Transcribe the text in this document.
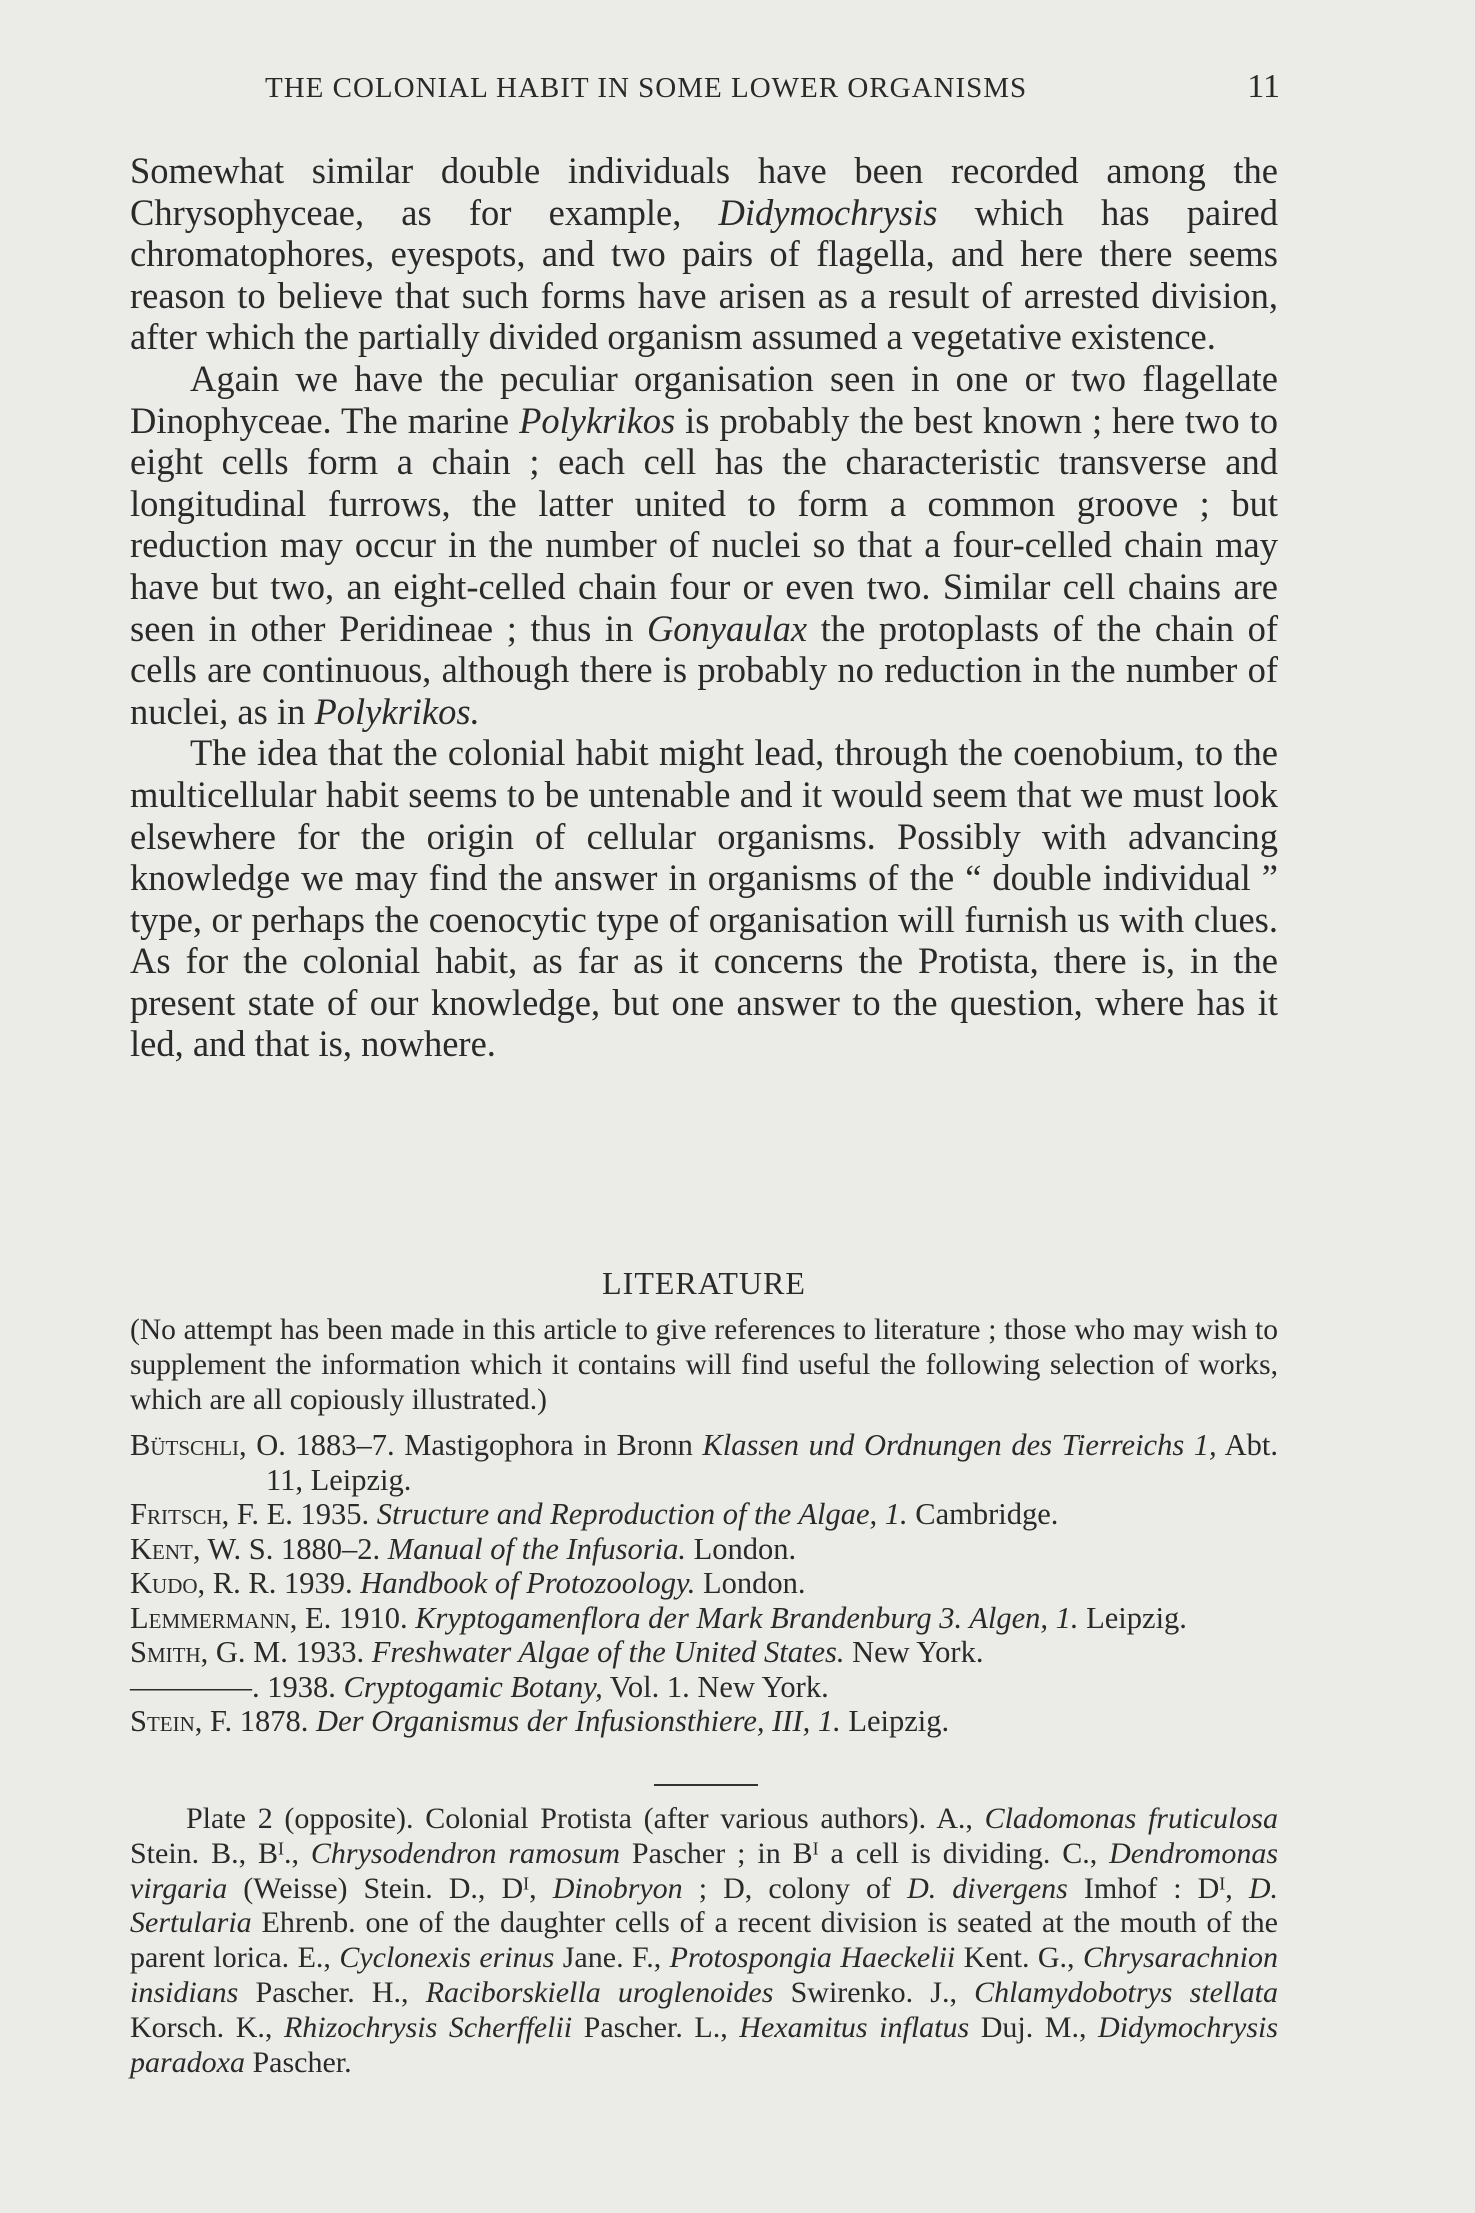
THE COLONIAL HABIT IN SOME LOWER ORGANISMS	11

Somewhat similar double individuals have been recorded among the Chrysophyceae, as for example, Didymochrysis which has paired chromatophores, eyespots, and two pairs of flagella, and here there seems reason to believe that such forms have arisen as a result of arrested division, after which the partially divided organism assumed a vegetative existence.

Again we have the peculiar organisation seen in one or two flagellate Dinophyceae. The marine Polykrikos is probably the best known ; here two to eight cells form a chain ; each cell has the characteristic transverse and longitudinal furrows, the latter united to form a common groove ; but reduction may occur in the number of nuclei so that a four-celled chain may have but two, an eight-celled chain four or even two. Similar cell chains are seen in other Peridineae ; thus in Gonyaulax the protoplasts of the chain of cells are continuous, although there is probably no reduction in the number of nuclei, as in Polykrikos.

The idea that the colonial habit might lead, through the coenobium, to the multicellular habit seems to be untenable and it would seem that we must look elsewhere for the origin of cellular organisms. Possibly with advancing knowledge we may find the answer in organisms of the “ double individual ” type, or perhaps the coenocytic type of organisation will furnish us with clues. As for the colonial habit, as far as it concerns the Protista, there is, in the present state of our knowledge, but one answer to the question, where has it led, and that is, nowhere.

LITERATURE
(No attempt has been made in this article to give references to literature ; those who may wish to supplement the information which it contains will find useful the following selection of works, which are all copiously illustrated.)
Bütschli, O. 1883–7. Mastigophora in Bronn Klassen und Ordnungen des Tierreichs 1, Abt. 11, Leipzig.
Fritsch, F. E. 1935. Structure and Reproduction of the Algae, 1. Cambridge.
Kent, W. S. 1880–2. Manual of the Infusoria. London.
Kudo, R. R. 1939. Handbook of Protozoology. London.
Lemmermann, E. 1910. Kryptogamenflora der Mark Brandenburg 3. Algen, 1. Leipzig.
Smith, G. M. 1933. Freshwater Algae of the United States. New York.
————. 1938. Cryptogamic Botany, Vol. 1. New York.
Stein, F. 1878. Der Organismus der Infusionsthiere, III, 1. Leipzig.
Plate 2 (opposite). Colonial Protista (after various authors). A., Cladomonas fruticulosa Stein. B., Bᴵ., Chrysodendron ramosum Pascher ; in Bᴵ a cell is dividing. C., Dendromonas virgaria (Weisse) Stein. D., Dᴵ, Dinobryon ; D, colony of D. divergens Imhof : Dᴵ, D. Sertularia Ehrenb. one of the daughter cells of a recent division is seated at the mouth of the parent lorica. E., Cyclonexis erinus Jane. F., Protospongia Haeckelii Kent. G., Chrysarachnion insidians Pascher. H., Raciborskiella uroglenoides Swirenko. J., Chlamydobotrys stellata Korsch. K., Rhizochrysis Scherffelii Pascher. L., Hexamitus inflatus Duj. M., Didymochrysis paradoxa Pascher.
